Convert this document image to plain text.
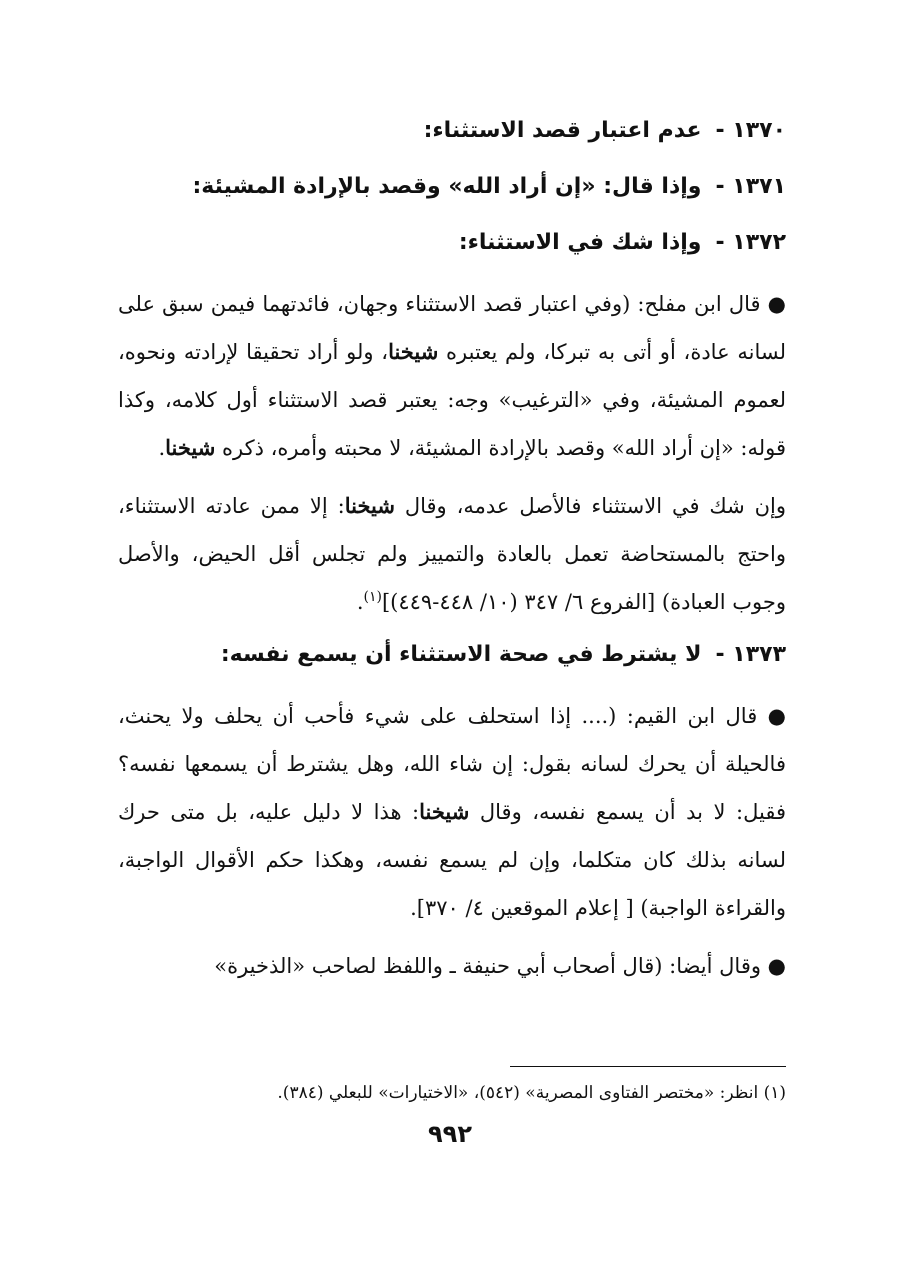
١٣٧٠ -عدم اعتبار قصد الاستثناء:
١٣٧١ -وإذا قال: «إن أراد الله» وقصد بالإرادة المشيئة:
١٣٧٢ -وإذا شك في الاستثناء:

● قال ابن مفلح: (وفي اعتبار قصد الاستثناء وجهان، فائدتهما فيمن سبق على لسانه عادة، أو أتى به تبركا، ولم يعتبره شيخنا، ولو أراد تحقيقا لإرادته ونحوه، لعموم المشيئة، وفي «الترغيب» وجه: يعتبر قصد الاستثناء أول كلامه، وكذا قوله: «إن أراد الله» وقصد بالإرادة المشيئة، لا محبته وأمره، ذكره شيخنا.

وإن شك في الاستثناء فالأصل عدمه، وقال شيخنا: إلا ممن عادته الاستثناء، واحتج بالمستحاضة تعمل بالعادة والتمييز ولم تجلس أقل الحيض، والأصل وجوب العبادة) [الفروع ٦/ ٣٤٧ (١٠/ ٤٤٨-٤٤٩)]$^{(١)}$.

١٣٧٣ -لا يشترط في صحة الاستثناء أن يسمع نفسه:

● قال ابن القيم: (.... إذا استحلف على شيء فأحب أن يحلف ولا يحنث، فالحيلة أن يحرك لسانه بقول: إن شاء الله، وهل يشترط أن يسمعها نفسه؟ فقيل: لا بد أن يسمع نفسه، وقال شيخنا: هذا لا دليل عليه، بل متى حرك لسانه بذلك كان متكلما، وإن لم يسمع نفسه، وهكذا حكم الأقوال الواجبة، والقراءة الواجبة) [ إعلام الموقعين ٤/ ٣٧٠].

● وقال أيضا: (قال أصحاب أبي حنيفة ـ واللفظ لصاحب «الذخيرة»

(١) انظر: «مختصر الفتاوى المصرية» (٥٤٢)، «الاختيارات» للبعلي (٣٨٤).
٩٩٢
